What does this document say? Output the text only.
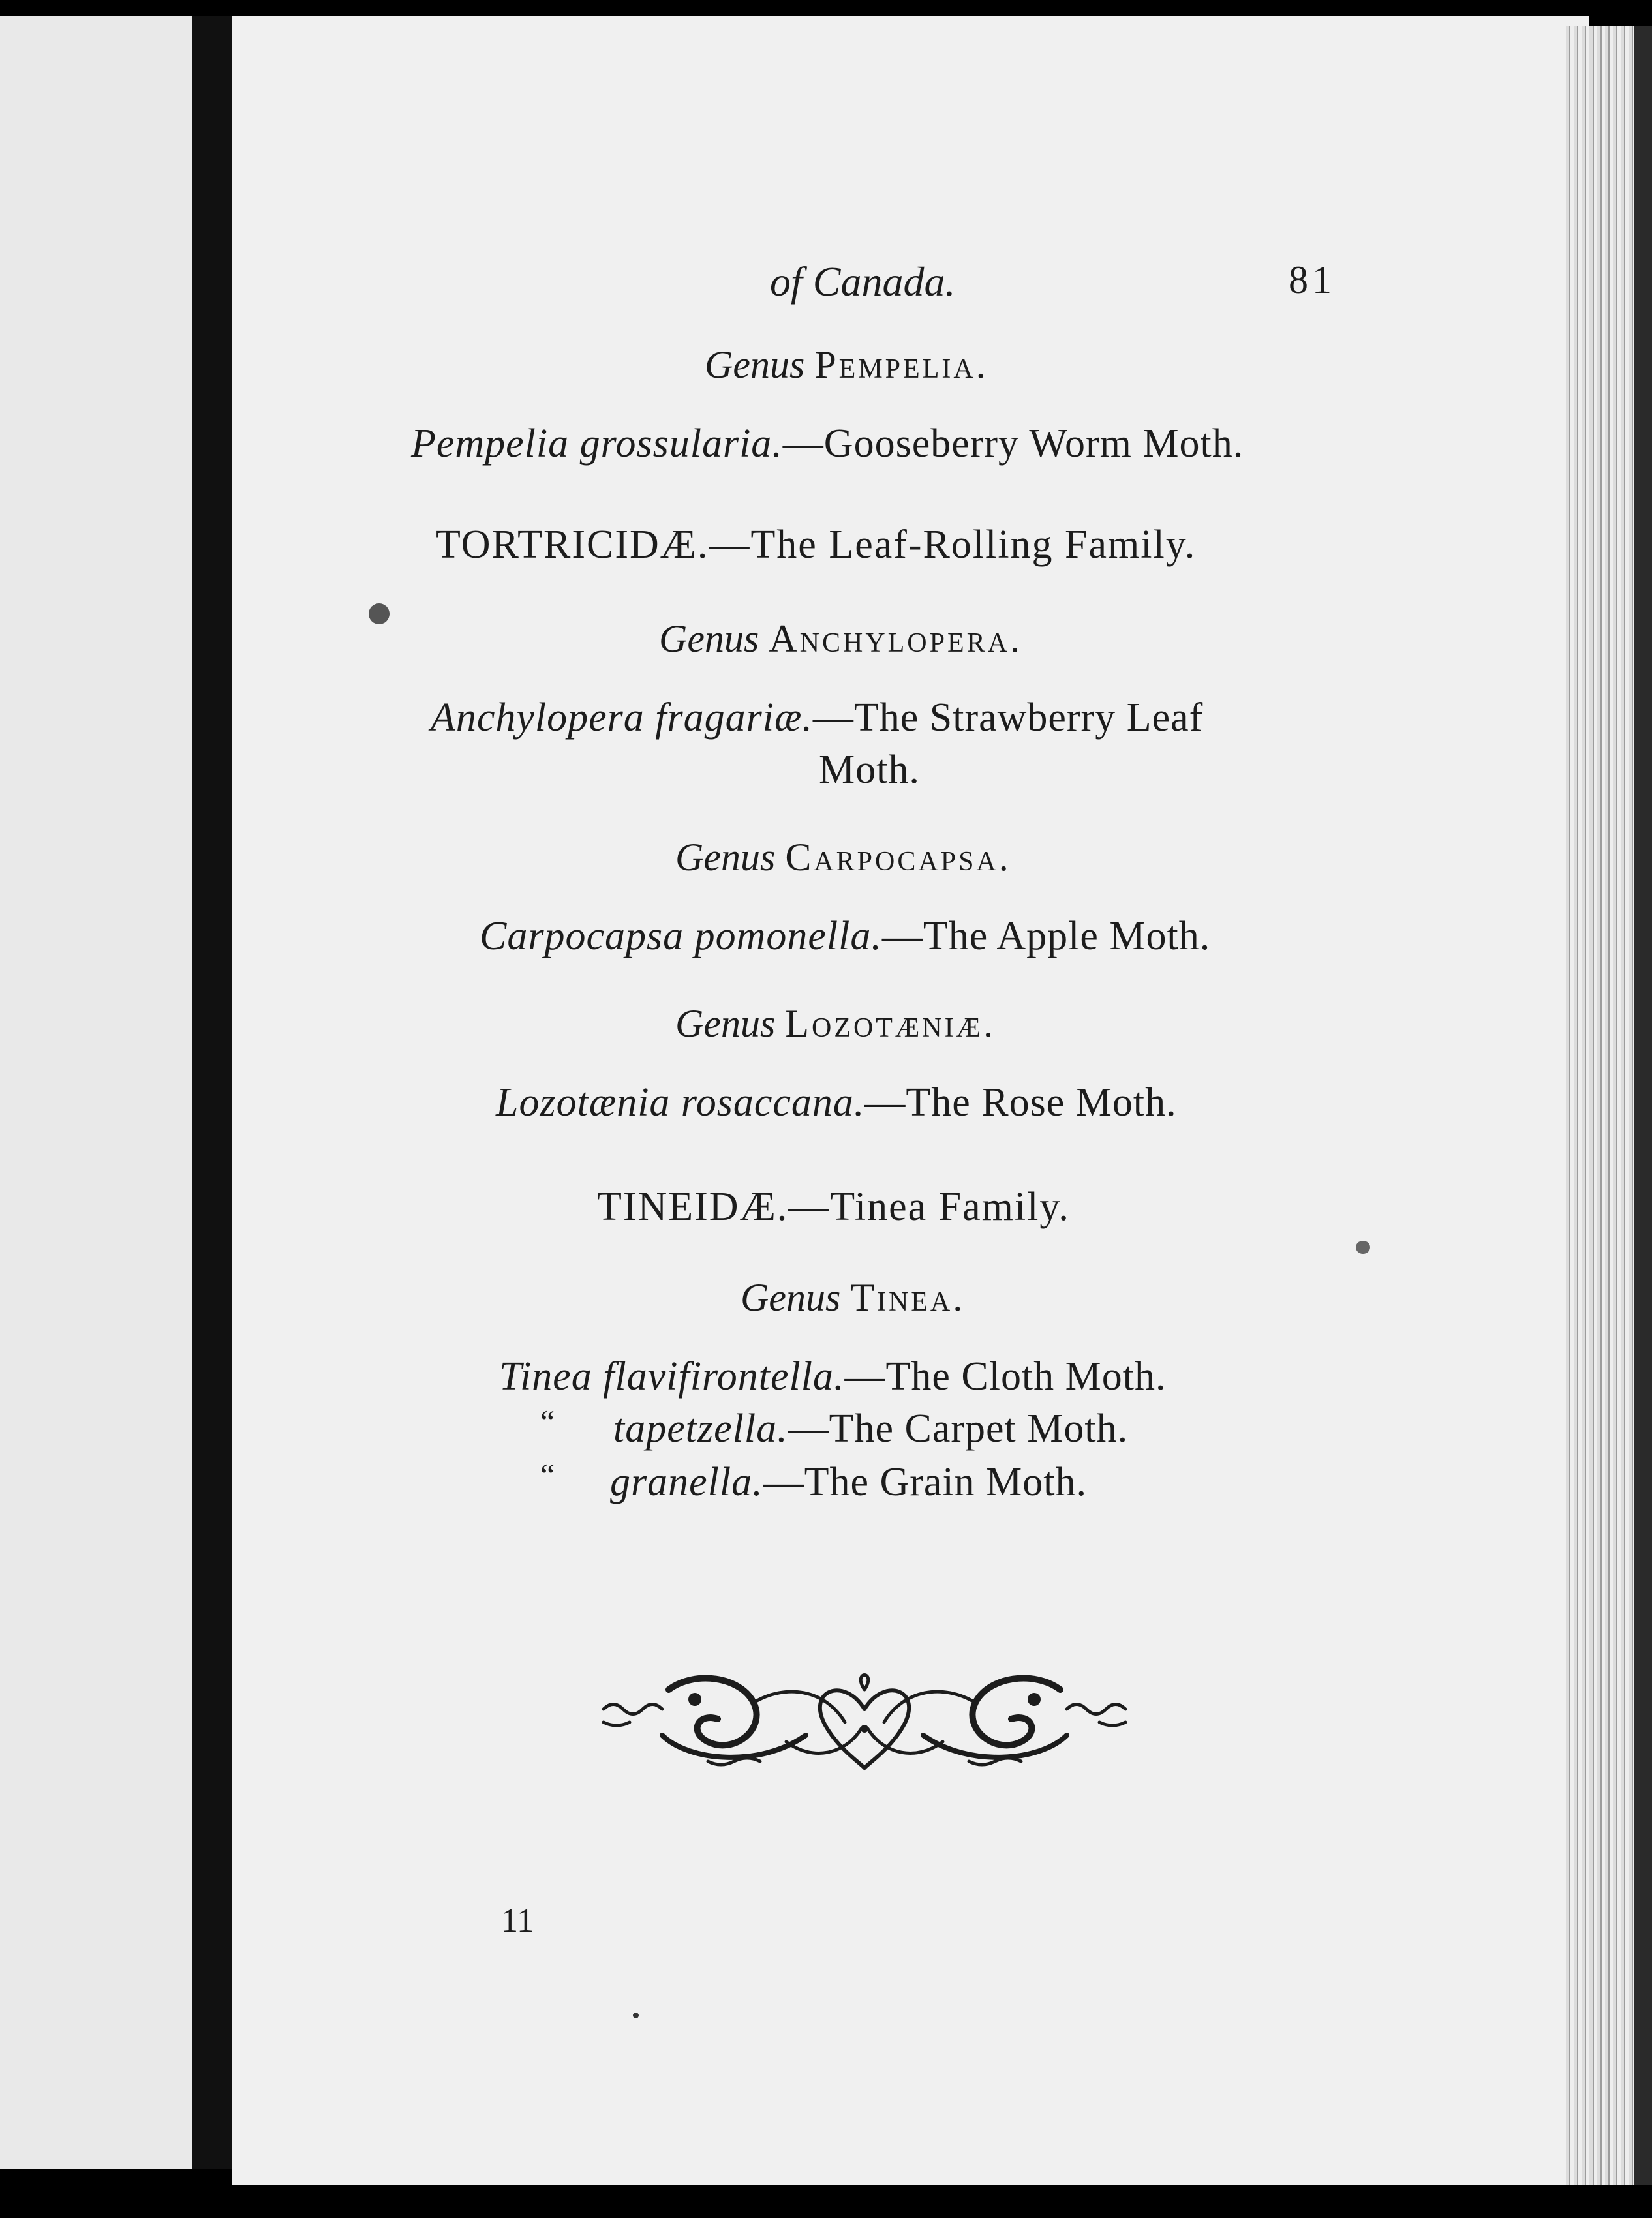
of Canada.	81
Genus Pempelia.
Pempelia grossularia.—Gooseberry Worm Moth.
TORTRICIDÆ.—The Leaf-Rolling Family.
Genus Anchylopera.
Anchylopera fragariæ.—The Strawberry Leaf
Moth.
Genus Carpocapsa.
Carpocapsa pomonella.—The Apple Moth.
Genus Lozotæniæ.
Lozotænia rosaccana.—The Rose Moth.
TINEIDÆ.—Tinea Family.
Genus Tinea.
Tinea flavifirontella.—The Cloth Moth.
“ tapetzella.—The Carpet Moth.
“ granella.—The Grain Moth.
11
